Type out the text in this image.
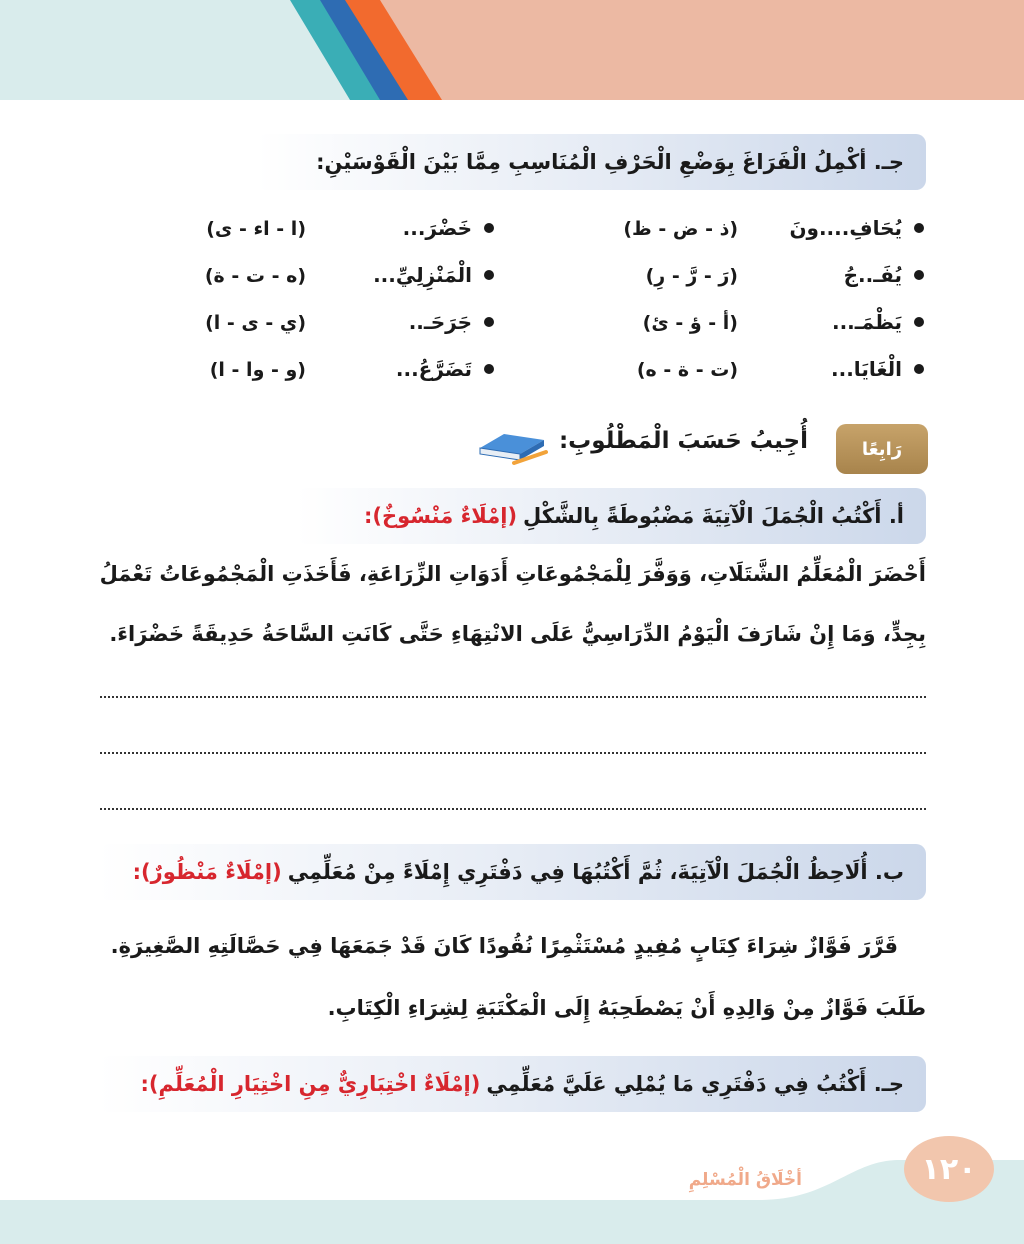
جـ. أكْمِلُ الْفَرَاغَ بِوَضْعِ الْحَرْفِ الْمُنَاسِبِ مِمَّا بَيْنَ الْقَوْسَيْنِ:
يُحَافِ....ونَ
(ذ - ض - ظ)
خَضْرَ...
(ا - اء - ى)
يُفَـ..جُ
(رَ - رَّ - رِ)
الْمَنْزِلِيِّ...
(ه - ت - ة)
يَظْمَـ...
(أ - ؤ - ئ)
جَرَحَـ..
(ي - ى - ا)
الْغَايَا...
(ت - ة - ه)
تَضَرَّعُ...
(و - وا - ا)
رَابِعًا
أُجِيبُ حَسَبَ الْمَطْلُوبِ:
أ. أَكْتُبُ الْجُمَلَ الْآتِيَةَ مَضْبُوطَةً بِالشَّكْلِ
(إمْلَاءٌ مَنْسُوخٌ):
أَحْضَرَ الْمُعَلِّمُ الشَّتَلَاتِ، وَوَفَّرَ لِلْمَجْمُوعَاتِ أَدَوَاتِ الزِّرَاعَةِ، فَأَخَذَتِ الْمَجْمُوعَاتُ تَعْمَلُ
بِجِدٍّ، وَمَا إِنْ شَارَفَ الْيَوْمُ الدِّرَاسِيُّ عَلَى الانْتِهَاءِ حَتَّى كَانَتِ السَّاحَةُ حَدِيقَةً خَضْرَاءَ.
ب. أُلَاحِظُ الْجُمَلَ الْآتِيَةَ، ثُمَّ أَكْتُبُهَا فِي دَفْتَرِي إِمْلَاءً مِنْ مُعَلِّمِي
(إمْلَاءٌ مَنْظُورٌ):
قَرَّرَ فَوَّازٌ شِرَاءَ كِتَابٍ مُفِيدٍ مُسْتَثْمِرًا نُقُودًا كَانَ قَدْ جَمَعَهَا فِي حَصَّالَتِهِ الصَّغِيرَةِ.
طَلَبَ فَوَّازٌ مِنْ وَالِدِهِ أَنْ يَصْطَحِبَهُ إِلَى الْمَكْتَبَةِ لِشِرَاءِ الْكِتَابِ.
جـ. أَكْتُبُ فِي دَفْتَرِي مَا يُمْلِي عَلَيَّ مُعَلِّمِي
(إمْلَاءٌ اخْتِبَارِيٌّ مِنِ اخْتِيَارِ الْمُعَلِّمِ):
١٢٠
أخْلَاقُ الْمُسْلِمِ
